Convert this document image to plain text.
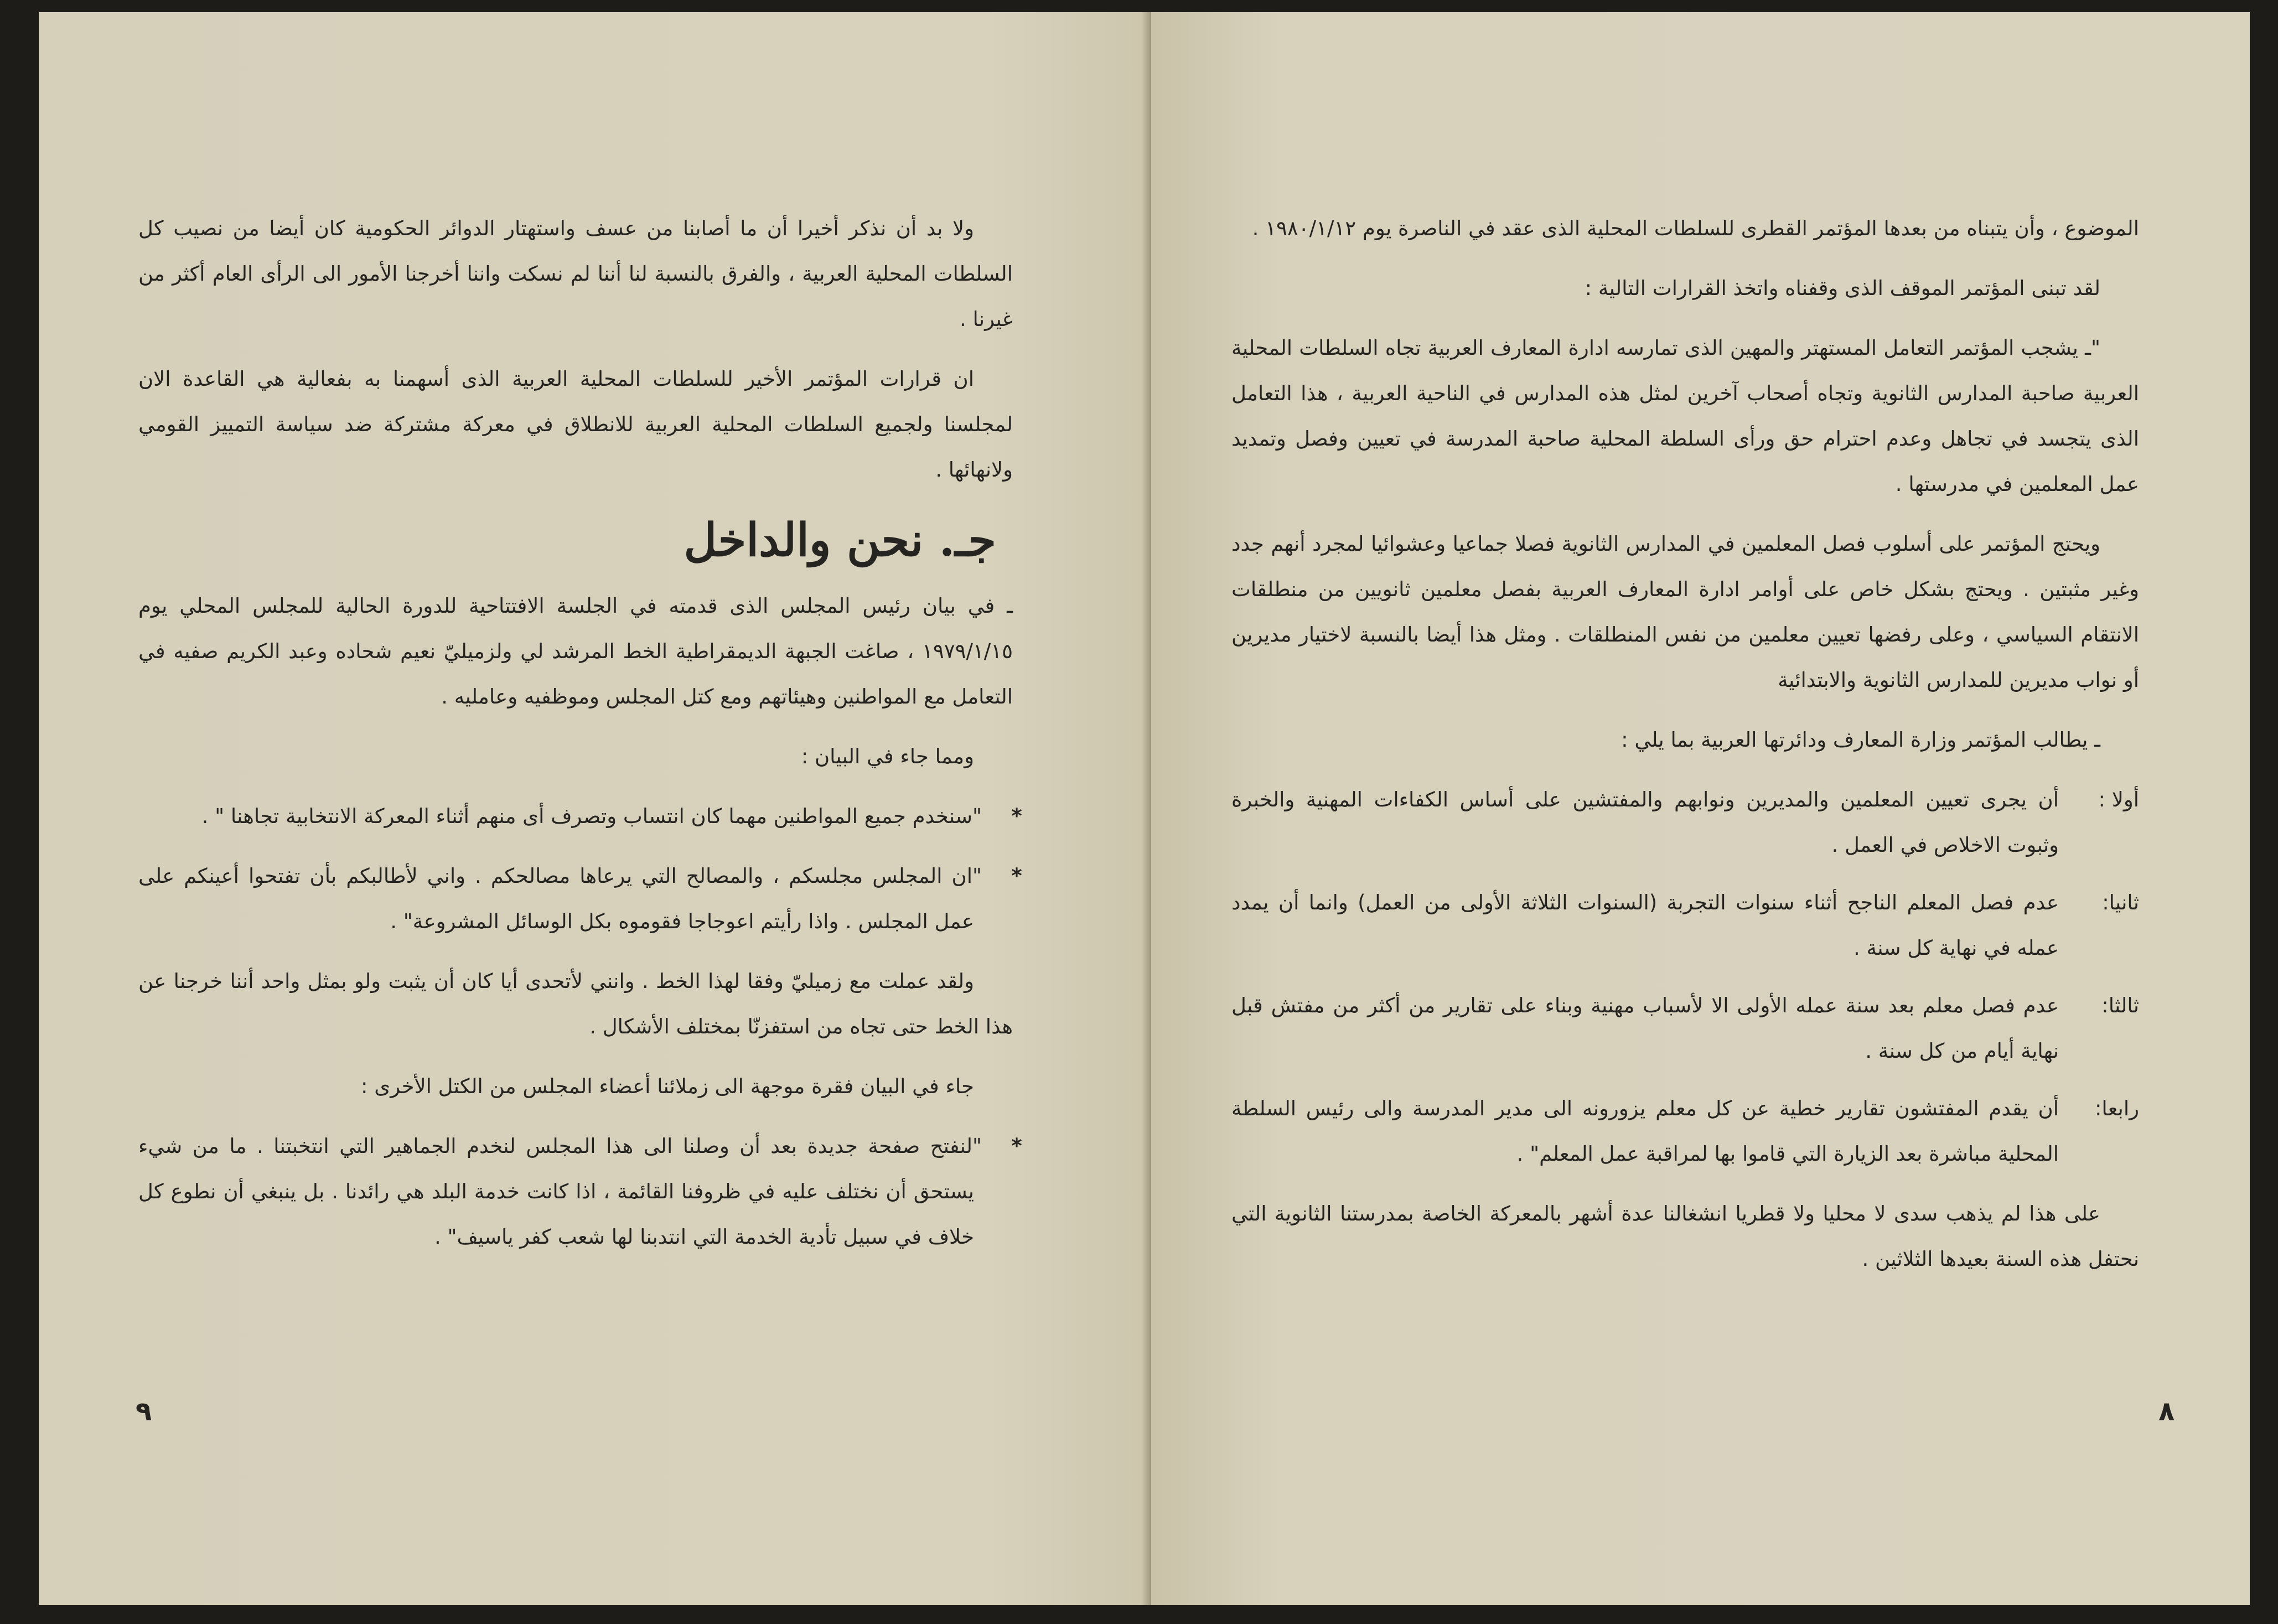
ولا بد أن نذكر أخيرا أن ما أصابنا من عسف واستهتار الدوائر الحكومية كان أيضا من نصيب كل السلطات المحلية العربية ، والفرق بالنسبة لنا أننا لم نسكت واننا أخرجنا الأمور الى الرأى العام أكثر من غيرنا .

ان قرارات المؤتمر الأخير للسلطات المحلية العربية الذى أسهمنا به بفعالية هي القاعدة الان لمجلسنا ولجميع السلطات المحلية العربية للانطلاق في معركة مشتركة ضد سياسة التمييز القومي ولانهائها .

جـ. نحن والداخل

ـ في بيان رئيس المجلس الذى قدمته في الجلسة الافتتاحية للدورة الحالية للمجلس المحلي يوم ١٩٧٩/١/١٥ ، صاغت الجبهة الديمقراطية الخط المرشد لي ولزميليّ نعيم شحاده وعبد الكريم صفيه في التعامل مع المواطنين وهيئاتهم ومع كتل المجلس وموظفيه وعامليه .

ومما جاء في البيان :

*"سنخدم جميع المواطنين مهما كان انتساب وتصرف أى منهم أثناء المعركة الانتخابية تجاهنا " .

*"ان المجلس مجلسكم ، والمصالح التي يرعاها مصالحكم . واني لأطالبكم بأن تفتحوا أعينكم على عمل المجلس . واذا رأيتم اعوجاجا فقوموه بكل الوسائل المشروعة" .

ولقد عملت مع زميليّ وفقا لهذا الخط . وانني لأتحدى أيا كان أن يثبت ولو بمثل واحد أننا خرجنا عن هذا الخط حتى تجاه من استفزنّا بمختلف الأشكال .

جاء في البيان فقرة موجهة الى زملائنا أعضاء المجلس من الكتل الأخرى :

*"لنفتح صفحة جديدة بعد أن وصلنا الى هذا المجلس لنخدم الجماهير التي انتخبتنا . ما من شيء يستحق أن نختلف عليه في ظروفنا القائمة ، اذا كانت خدمة البلد هي رائدنا . بل ينبغي أن نطوع كل خلاف في سبيل تأدية الخدمة التي انتدبنا لها شعب كفر ياسيف" .

٩

الموضوع ، وأن يتبناه من بعدها المؤتمر القطرى للسلطات المحلية الذى عقد في الناصرة يوم ١٩٨٠/١/١٢ .

لقد تبنى المؤتمر الموقف الذى وقفناه واتخذ القرارات التالية :

"ـ يشجب المؤتمر التعامل المستهتر والمهين الذى تمارسه ادارة المعارف العربية تجاه السلطات المحلية العربية صاحبة المدارس الثانوية وتجاه أصحاب آخرين لمثل هذه المدارس في الناحية العربية ، هذا التعامل الذى يتجسد في تجاهل وعدم احترام حق ورأى السلطة المحلية صاحبة المدرسة في تعيين وفصل وتمديد عمل المعلمين في مدرستها .

ويحتج المؤتمر على أسلوب فصل المعلمين في المدارس الثانوية فصلا جماعيا وعشوائيا لمجرد أنهم جدد وغير مثبتين . ويحتج بشكل خاص على أوامر ادارة المعارف العربية بفصل معلمين ثانويين من منطلقات الانتقام السياسي ، وعلى رفضها تعيين معلمين من نفس المنطلقات . ومثل هذا أيضا بالنسبة لاختيار مديرين أو نواب مديرين للمدارس الثانوية والابتدائية

ـ يطالب المؤتمر وزارة المعارف ودائرتها العربية بما يلي :

أولا :
أن يجرى تعيين المعلمين والمديرين ونوابهم والمفتشين على أساس الكفاءات المهنية والخبرة وثبوت الاخلاص في العمل .
ثانيا:
عدم فصل المعلم الناجح أثناء سنوات التجربة (السنوات الثلاثة الأولى من العمل) وانما أن يمدد عمله في نهاية كل سنة .
ثالثا:
عدم فصل معلم بعد سنة عمله الأولى الا لأسباب مهنية وبناء على تقارير من أكثر من مفتش قبل نهاية أيام من كل سنة .
رابعا:
أن يقدم المفتشون تقارير خطية عن كل معلم يزورونه الى مدير المدرسة والى رئيس السلطة المحلية مباشرة بعد الزيارة التي قاموا بها لمراقبة عمل المعلم" .

على هذا لم يذهب سدى لا محليا ولا قطريا انشغالنا عدة أشهر بالمعركة الخاصة بمدرستنا الثانوية التي نحتفل هذه السنة بعيدها الثلاثين .

٨
